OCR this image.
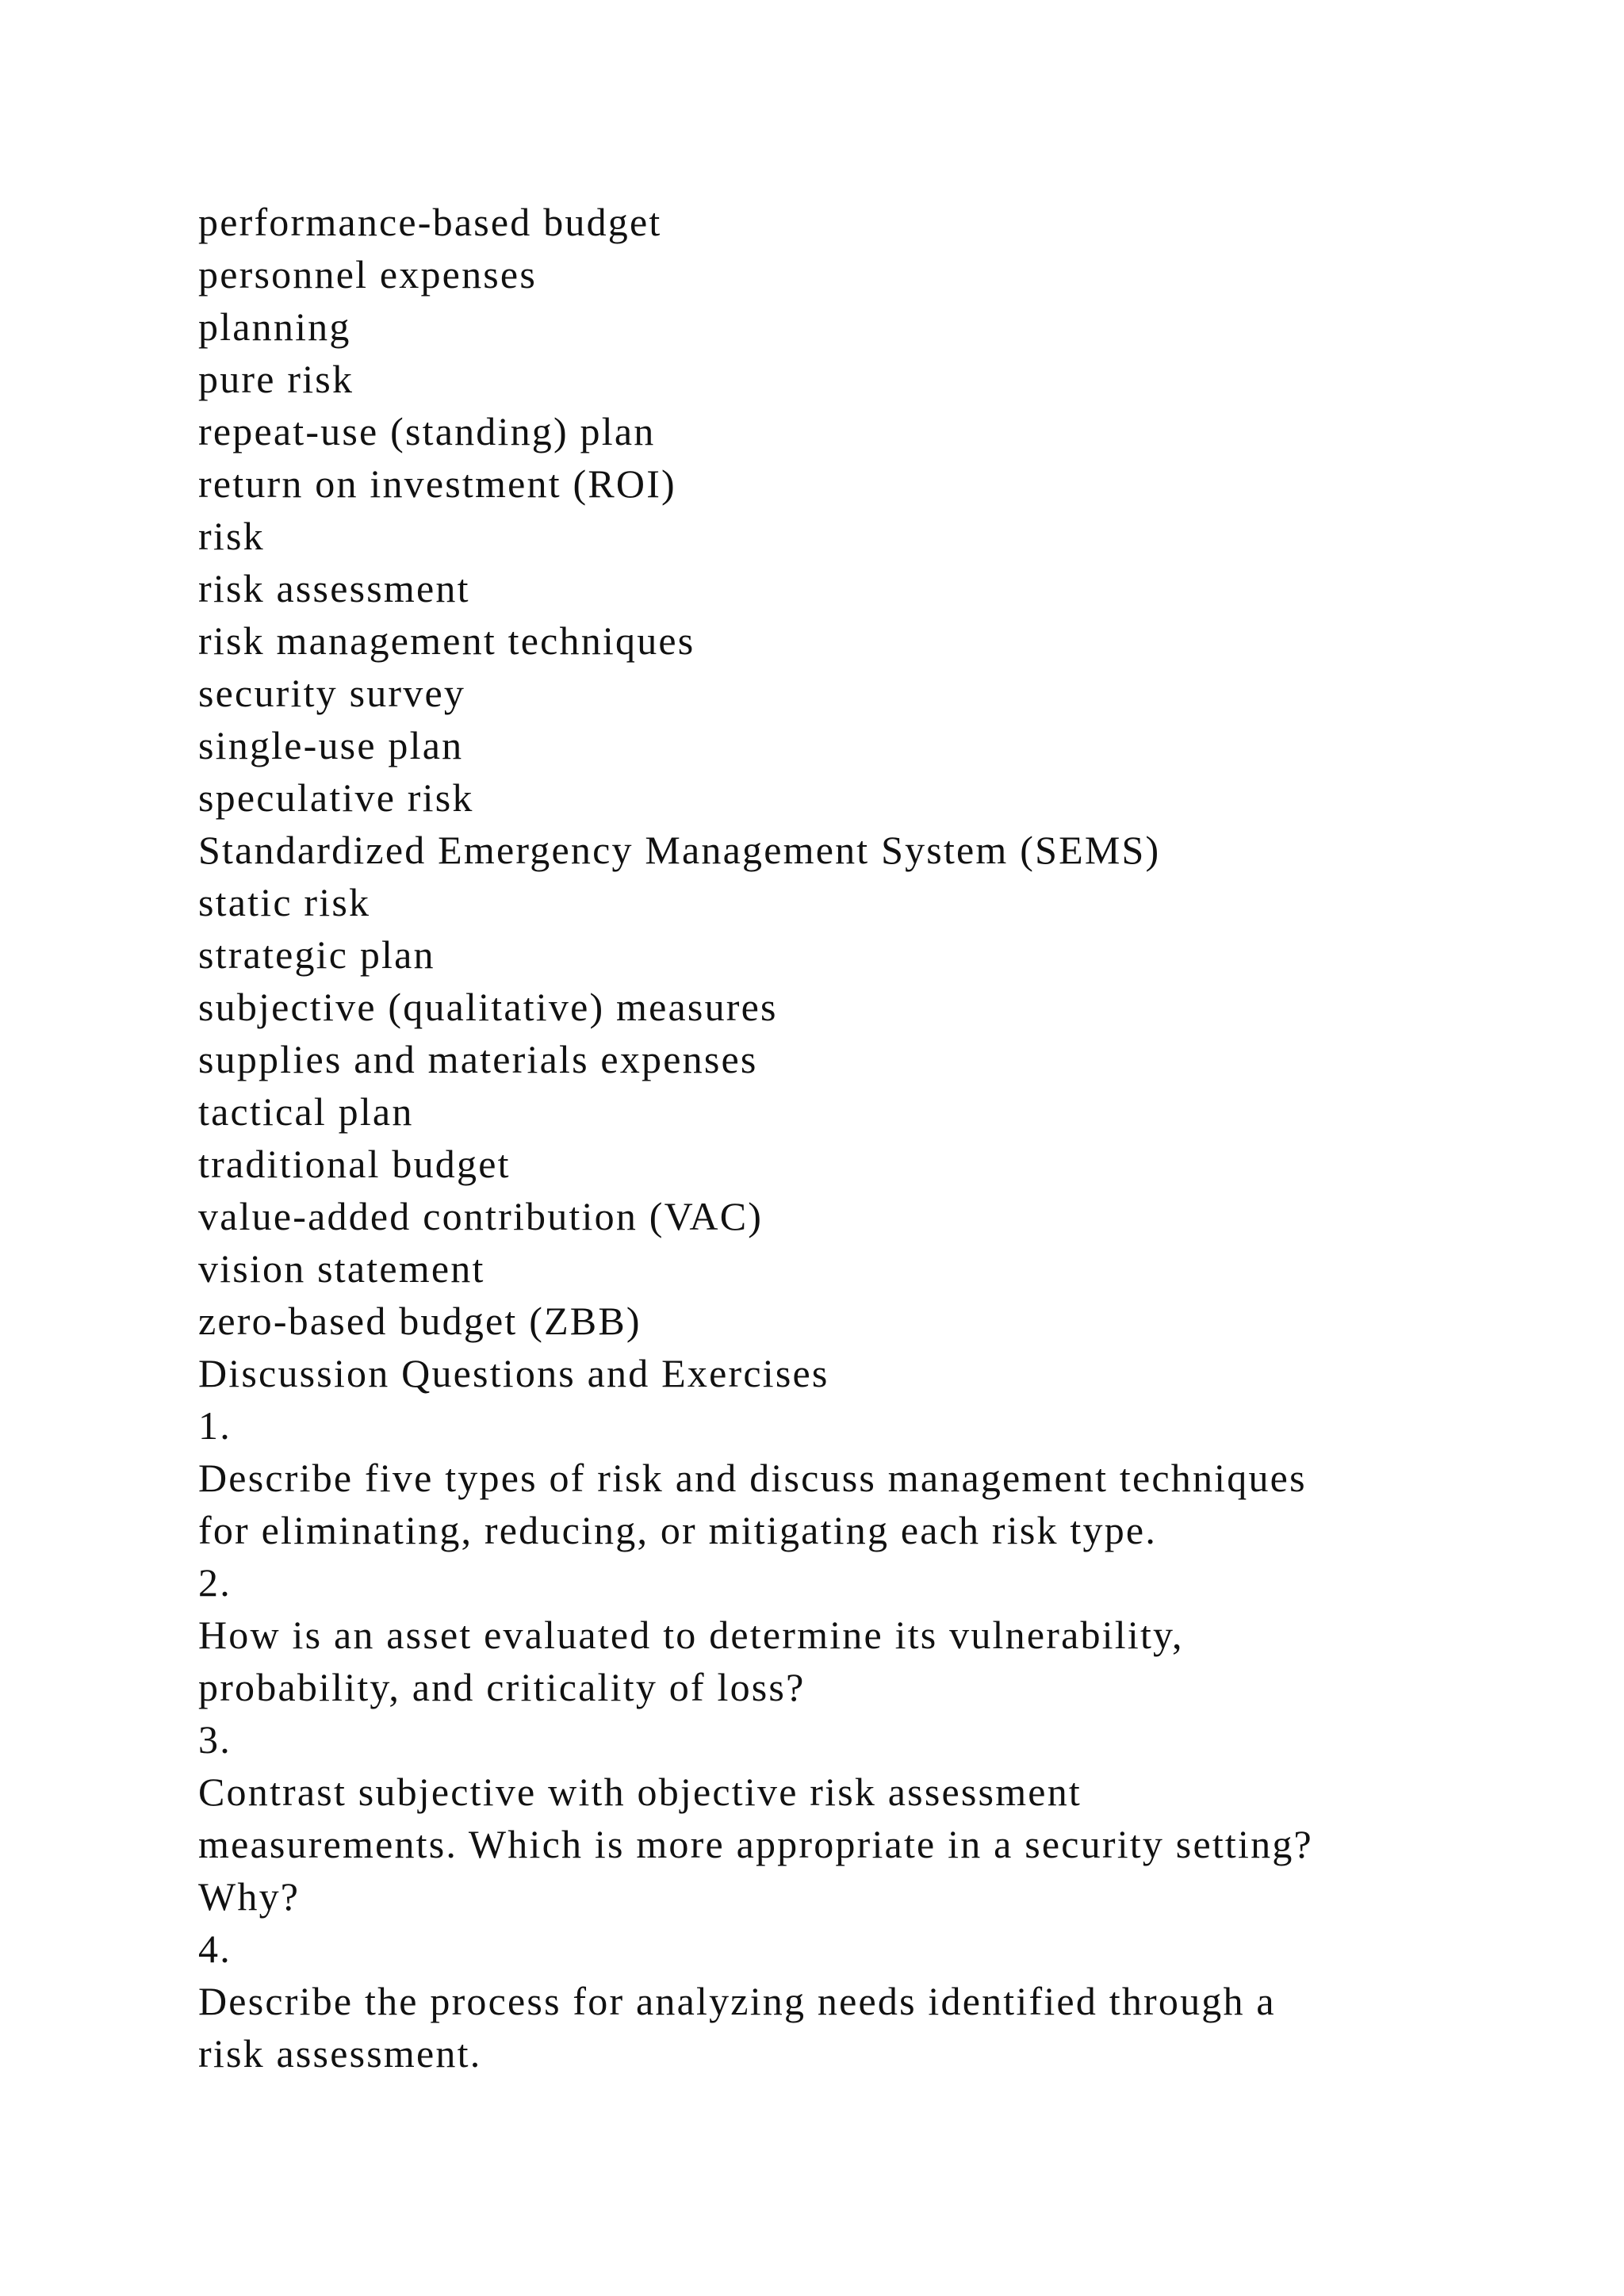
performance-based budget
personnel expenses
planning
pure risk
repeat-use (standing) plan
return on investment (ROI)
risk
risk assessment
risk management techniques
security survey
single-use plan
speculative risk
Standardized Emergency Management System (SEMS)
static risk
strategic plan
subjective (qualitative) measures
supplies and materials expenses
tactical plan
traditional budget
value-added contribution (VAC)
vision statement
zero-based budget (ZBB)
Discussion Questions and Exercises
1.
Describe five types of risk and discuss management techniques
for eliminating, reducing, or mitigating each risk type.
2.
How is an asset evaluated to determine its vulnerability,
probability, and criticality of loss?
3.
Contrast subjective with objective risk assessment
measurements. Which is more appropriate in a security setting?
Why?
4.
Describe the process for analyzing needs identified through a
risk assessment.
